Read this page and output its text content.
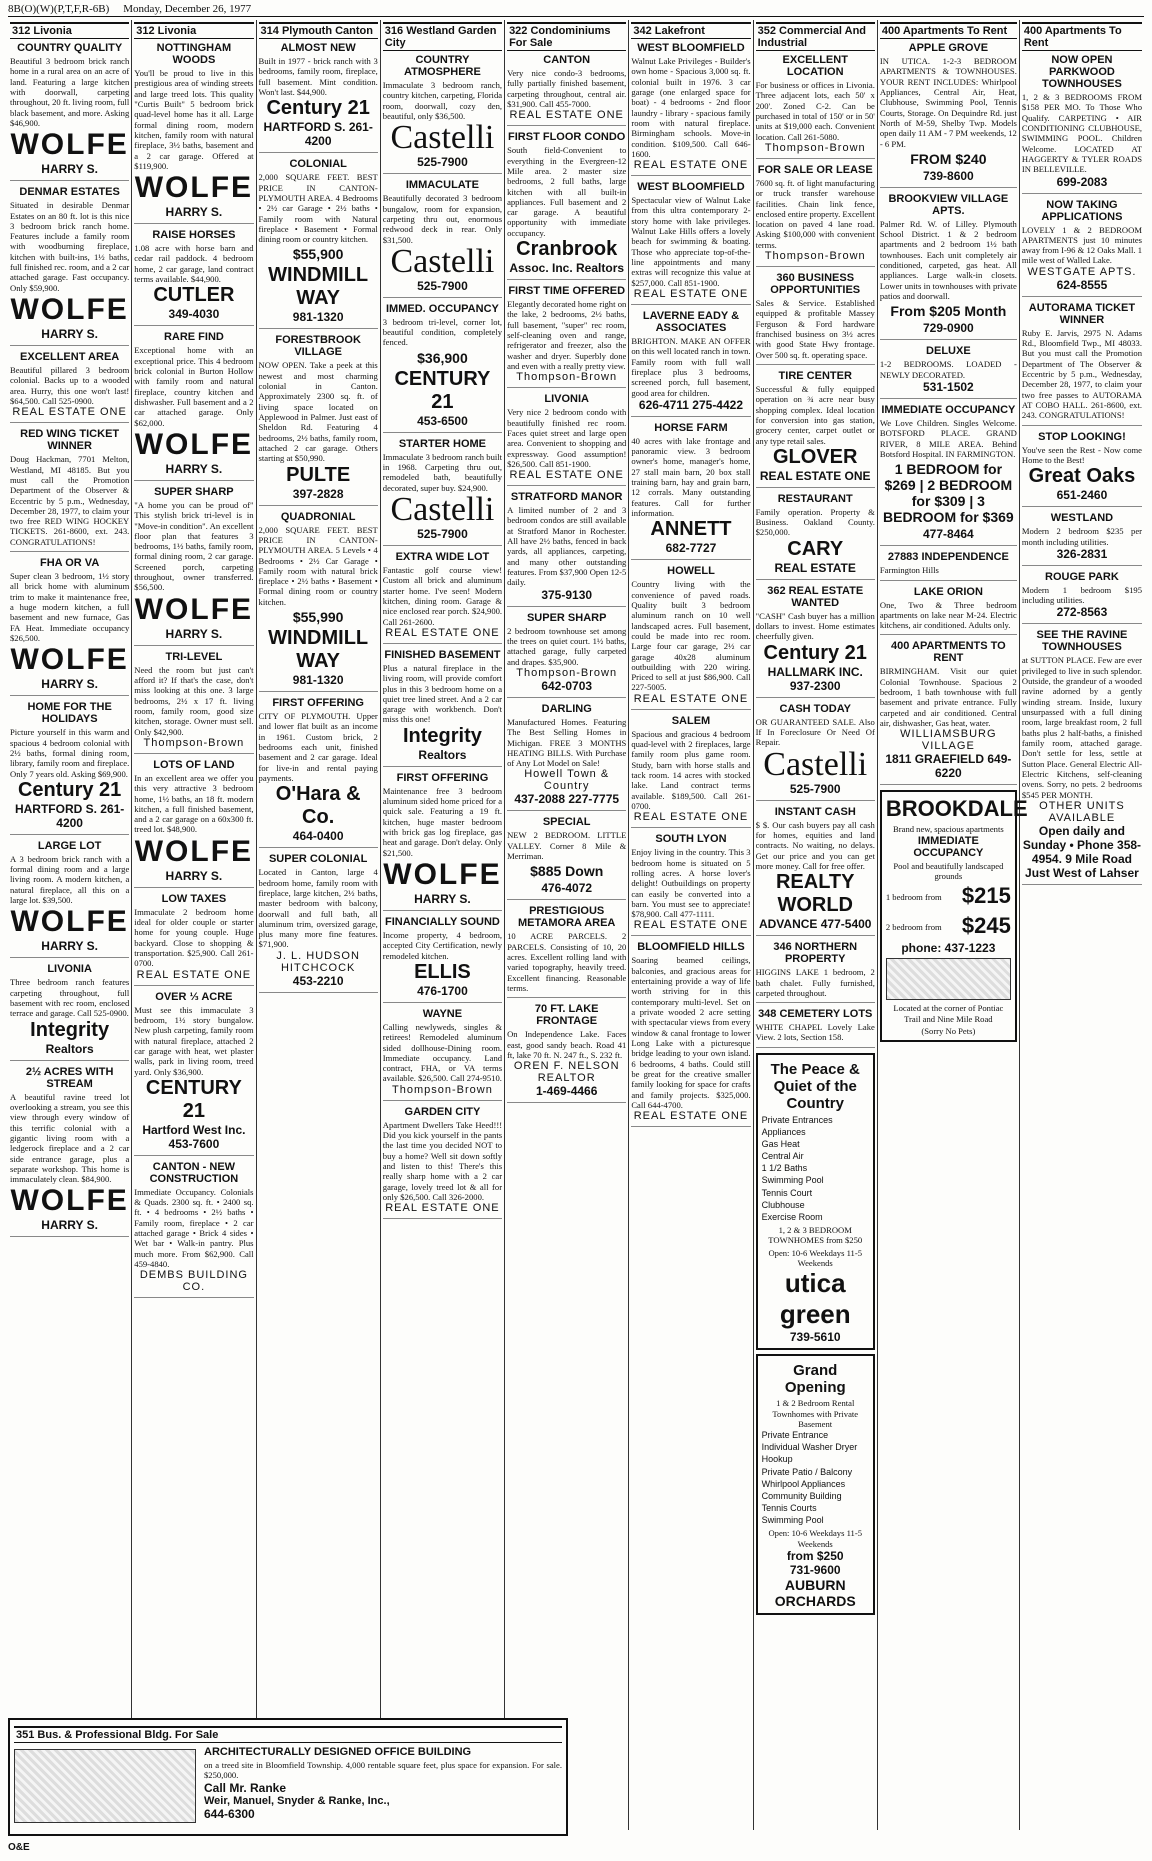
8B(O)(W)(P,T,F,R-6B) Monday, December 26, 1977
312 Livonia
COUNTRY QUALITY
Beautiful 3 bedroom brick ranch home in a rural area on an acre of land. Featuring a large kitchen with doorwall, carpeting throughout, 20 ft. living room, full black basement, and more. Asking $46,900.
WOLFE
HARRY S.
DENMAR ESTATES
Situated in desirable Denmar Estates on an 80 ft. lot is this nice 3 bedroom brick ranch home. Features include a family room with woodburning fireplace, kitchen with built-ins, 1½ baths, full finished rec. room, and a 2 car attached garage. Fast occupancy. Only $59,900.
WOLFE
HARRY S.
EXCELLENT AREA
Beautiful pillared 3 bedroom colonial. Backs up to a wooded area. Hurry, this one won't last! $64,500. Call 525-0900.
REAL ESTATE ONE
RED WING TICKET WINNER
Doug Hackman, 7701 Melton, Westland, MI 48185. But you must call the Promotion Department of the Observer & Eccentric by 5 p.m., Wednesday, December 28, 1977, to claim your two free RED WING HOCKEY TICKETS. 261-8600, ext. 243. CONGRATULATIONS!
FHA OR VA
Super clean 3 bedroom, 1½ story all brick home with aluminum trim to make it maintenance free, a huge modern kitchen, a full basement and new furnace, Gas FA Heat. Immediate occupancy $26,500.
WOLFE
HARRY S.
HOME FOR THE HOLIDAYS
Picture yourself in this warm and spacious 4 bedroom colonial with 2½ baths, formal dining room, library, family room and fireplace. Only 7 years old. Asking $69,900.
Century 21
HARTFORD S. 261-4200
LARGE LOT
A 3 bedroom brick ranch with a formal dining room and a large living room. A modern kitchen, a natural fireplace, all this on a large lot. $39,500.
WOLFE
HARRY S.
LIVONIA
Three bedroom ranch features carpeting throughout, full basement with rec room, enclosed terrace and garage. Call 525-0900.
Integrity
Realtors
2½ ACRES WITH STREAM
A beautiful ravine treed lot overlooking a stream, you see this view through every window of this terrific colonial with a gigantic living room with a ledgerock fireplace and a 2 car side entrance garage, plus a separate workshop. This home is immaculately clean. $84,900.
WOLFE
HARRY S.
312 Livonia
NOTTINGHAM WOODS
You'll be proud to live in this prestigious area of winding streets and large treed lots. This quality "Curtis Built" 5 bedroom brick quad-level home has it all. Large formal dining room, modern kitchen, family room with natural fireplace, 3½ baths, basement and a 2 car garage. Offered at $119,900.
WOLFE
HARRY S.
RAISE HORSES
1.08 acre with horse barn and cedar rail paddock. 4 bedroom home, 2 car garage, land contract terms available. $44,900.
CUTLER
349-4030
RARE FIND
Exceptional home with an exceptional price. This 4 bedroom brick colonial in Burton Hollow with family room and natural fireplace, country kitchen and dishwasher. Full basement and a 2 car attached garage. Only $62,000.
WOLFE
HARRY S.
SUPER SHARP
"A home you can be proud of" This stylish brick tri-level is in "Move-in condition". An excellent floor plan that features 3 bedrooms, 1½ baths, family room, formal dining room, 2 car garage. Screened porch, carpeting throughout, owner transferred. $56,500.
WOLFE
HARRY S.
TRI-LEVEL
Need the room but just can't afford it? If that's the case, don't miss looking at this one. 3 large bedrooms, 2½ x 17 ft. living room, family room, good size kitchen, storage. Owner must sell. Only $42,900.
Thompson-Brown
LOTS OF LAND
In an excellent area we offer you this very attractive 3 bedroom home, 1½ baths, an 18 ft. modern kitchen, a full finished basement, and a 2 car garage on a 60x300 ft. treed lot. $48,900.
WOLFE
HARRY S.
LOW TAXES
Immaculate 2 bedroom home ideal for older couple or starter home for young couple. Huge backyard. Close to shopping & transportation. $25,900. Call 261-0700.
REAL ESTATE ONE
OVER ⅓ ACRE
Must see this immaculate 3 bedroom, 1½ story bungalow. New plush carpeting, family room with natural fireplace, attached 2 car garage with heat, wet plaster walls, park in living room, treed yard. Only $36,900.
CENTURY 21
Hartford West Inc. 453-7600
CANTON - NEW CONSTRUCTION
Immediate Occupancy. Colonials & Quads. 2300 sq. ft. • 2400 sq. ft. • 4 bedrooms • 2½ baths • Family room, fireplace • 2 car attached garage • Brick 4 sides • Wet bar • Walk-in pantry. Plus much more. From $62,900. Call 459-4840.
DEMBS BUILDING CO.
314 Plymouth Canton
ALMOST NEW
Built in 1977 - brick ranch with 3 bedrooms, family room, fireplace, full basement. Mint condition. Won't last. $44,900.
Century 21
HARTFORD S. 261-4200
COLONIAL
2,000 SQUARE FEET. BEST PRICE IN CANTON-PLYMOUTH AREA. 4 Bedrooms • 2½ car Garage • 2½ baths • Family room with Natural fireplace • Basement • Formal dining room or country kitchen.
$55,900
WINDMILL WAY
981-1320
FORESTBROOK VILLAGE
NOW OPEN. Take a peek at this newest and most charming colonial in Canton. Approximately 2300 sq. ft. of living space located on Applewood in Palmer. Just east of Sheldon Rd. Featuring 4 bedrooms, 2½ baths, family room, attached 2 car garage. Others starting at $50,990.
PULTE
397-2828
QUADRONIAL
2,000 SQUARE FEET. BEST PRICE IN CANTON-PLYMOUTH AREA. 5 Levels • 4 Bedrooms • 2½ Car Garage • Family room with natural brick fireplace • 2½ baths • Basement • Formal dining room or country kitchen.
$55,990
WINDMILL WAY
981-1320
FIRST OFFERING
CITY OF PLYMOUTH. Upper and lower flat built as an income in 1961. Custom brick, 2 bedrooms each unit, finished basement and 2 car garage. Ideal for live-in and rental paying payments.
O'Hara & Co.
464-0400
SUPER COLONIAL
Located in Canton, large 4 bedroom home, family room with fireplace, large kitchen, 2½ baths, master bedroom with balcony, doorwall and full bath, all aluminum trim, oversized garage, plus many more fine features. $71,900.
J. L. HUDSON HITCHCOCK
453-2210
316 Westland Garden City
COUNTRY ATMOSPHERE
Immaculate 3 bedroom ranch, country kitchen, carpeting, Florida room, doorwall, cozy den, beautiful, only $36,500.
Castelli
525-7900
IMMACULATE
Beautifully decorated 3 bedroom bungalow, room for expansion, carpeting thru out, enormous redwood deck in rear. Only $31,500.
Castelli
525-7900
IMMED. OCCUPANCY
3 bedroom tri-level, corner lot, beautiful condition, completely fenced.
$36,900
CENTURY 21
453-6500
STARTER HOME
Immaculate 3 bedroom ranch built in 1968. Carpeting thru out, remodeled bath, beautifully decorated, super buy. $24,900.
Castelli
525-7900
EXTRA WIDE LOT
Fantastic golf course view! Custom all brick and aluminum starter home. I've seen! Modern kitchen, dining room. Garage & nice enclosed rear porch. $24,900. Call 261-2600.
REAL ESTATE ONE
FINISHED BASEMENT
Plus a natural fireplace in the living room, will provide comfort plus in this 3 bedroom home on a quiet tree lined street. And a 2 car garage with workbench. Don't miss this one!
Integrity
Realtors
FIRST OFFERING
Maintenance free 3 bedroom aluminum sided home priced for a quick sale. Featuring a 19 ft. kitchen, huge master bedroom with brick gas log fireplace, gas heat and garage. Don't delay. Only $21,500.
WOLFE
HARRY S.
FINANCIALLY SOUND
Income property, 4 bedroom, accepted City Certification, newly remodeled kitchen.
ELLIS
476-1700
WAYNE
Calling newlyweds, singles & retirees! Remodeled aluminum sided dollhouse-Dining room. Immediate occupancy. Land contract, FHA, or VA terms available. $26,500. Call 274-9510.
Thompson-Brown
GARDEN CITY
Apartment Dwellers Take Heed!!! Did you kick yourself in the pants the last time you decided NOT to buy a home? Well sit down softly and listen to this! There's this really sharp home with a 2 car garage, lovely treed lot & all for only $26,500. Call 326-2000.
REAL ESTATE ONE
322 Condominiums For Sale
CANTON
Very nice condo-3 bedrooms, fully partially finished basement, carpeting throughout, central air. $31,900. Call 455-7000.
REAL ESTATE ONE
FIRST FLOOR CONDO
South field-Convenient to everything in the Evergreen-12 Mile area. 2 master size bedrooms, 2 full baths, large kitchen with all built-in appliances. Full basement and 2 car garage. A beautiful opportunity with immediate occupancy.
Cranbrook
Assoc. Inc. Realtors
FIRST TIME OFFERED
Elegantly decorated home right on the lake, 2 bedrooms, 2½ baths, full basement, "super" rec room, self-cleaning oven and range, refrigerator and freezer, also the washer and dryer. Superbly done and even with a really pretty view.
Thompson-Brown
LIVONIA
Very nice 2 bedroom condo with beautifully finished rec room. Faces quiet street and large open area. Convenient to shopping and expressway. Good assumption! $26,500. Call 851-1900.
REAL ESTATE ONE
STRATFORD MANOR
A limited number of 2 and 3 bedroom condos are still available at Stratford Manor in Rochester. All have 2½ baths, fenced in back yards, all appliances, carpeting, and many other outstanding features. From $37,900 Open 12-5 daily.
375-9130
SUPER SHARP
2 bedroom townhouse set among the trees on quiet court. 1½ baths, attached garage, fully carpeted and drapes. $35,900.
Thompson-Brown
642-0703
DARLING
Manufactured Homes. Featuring The Best Selling Homes in Michigan. FREE 3 MONTHS HEATING BILLS. With Purchase of Any Lot Model on Sale!
Howell Town & Country
437-2088 227-7775
SPECIAL
NEW 2 BEDROOM. LITTLE VALLEY. Corner 8 Mile & Merriman.
$885 Down
476-4072
PRESTIGIOUS METAMORA AREA
10 ACRE PARCELS. 2 PARCELS. Consisting of 10, 20 acres. Excellent rolling land with varied topography, heavily treed. Excellent financing. Reasonable terms.
70 FT. LAKE FRONTAGE
On Independence Lake. Faces east, good sandy beach. Road 41 ft, lake 70 ft. N. 247 ft., S. 232 ft.
OREN F. NELSON REALTOR
1-469-4466
342 Lakefront
WEST BLOOMFIELD
Walnut Lake Privileges - Builder's own home - Spacious 3,000 sq. ft. colonial built in 1976. 3 car garage (one enlarged space for boat) - 4 bedrooms - 2nd floor laundry - library - spacious family room with natural fireplace. Birmingham schools. Move-in condition. $109,500. Call 646-1600.
REAL ESTATE ONE
WEST BLOOMFIELD
Spectacular view of Walnut Lake from this ultra contemporary 2-story home with lake privileges. Walnut Lake Hills offers a lovely beach for swimming & boating. Those who appreciate top-of-the-line appointments and many extras will recognize this value at $257,000. Call 851-1900.
REAL ESTATE ONE
LAVERNE EADY & ASSOCIATES
BRIGHTON. MAKE AN OFFER on this well located ranch in town. Family room with full wall fireplace plus 3 bedrooms, screened porch, full basement, good area for children.
626-4711 275-4422
HORSE FARM
40 acres with lake frontage and panoramic view. 3 bedroom owner's home, manager's home, 27 stall main barn, 20 box stall training barn, hay and grain barn, 12 corrals. Many outstanding features. Call for further information.
ANNETT
682-7727
HOWELL
Country living with the convenience of paved roads. Quality built 3 bedroom aluminum ranch on 10 well landscaped acres. Full basement, could be made into rec room. Large four car garage, 2½ car garage 40x28 aluminum outbuilding with 220 wiring. Priced to sell at just $86,900. Call 227-5005.
REAL ESTATE ONE
SALEM
Spacious and gracious 4 bedroom quad-level with 2 fireplaces, large family room plus game room. Study, barn with horse stalls and tack room. 14 acres with stocked lake. Land contract terms available. $189,500. Call 261-0700.
REAL ESTATE ONE
SOUTH LYON
Enjoy living in the country. This 3 bedroom home is situated on 5 rolling acres. A horse lover's delight! Outbuildings on property can easily be converted into a barn. You must see to appreciate! $78,900. Call 477-1111.
REAL ESTATE ONE
BLOOMFIELD HILLS
Soaring beamed ceilings, balconies, and gracious areas for entertaining provide a way of life worth striving for in this contemporary multi-level. Set on a private wooded 2 acre setting with spectacular views from every window & canal frontage to lower Long Lake with a picturesque bridge leading to your own island. 6 bedrooms, 4 baths. Could still be great for the creative smaller family looking for space for crafts and family projects. $325,000. Call 644-4700.
REAL ESTATE ONE
352 Commercial And Industrial
EXCELLENT LOCATION
For business or offices in Livonia. Three adjacent lots, each 50' x 200'. Zoned C-2. Can be purchased in total of 150' or in 50' units at $19,000 each. Convenient location. Call 261-5080.
Thompson-Brown
FOR SALE OR LEASE
7600 sq. ft. of light manufacturing or truck transfer warehouse facilities. Chain link fence, enclosed entire property. Excellent location on paved 4 lane road. Asking $100,000 with convenient terms.
Thompson-Brown
360 BUSINESS OPPORTUNITIES
Sales & Service. Established equipped & profitable Massey Ferguson & Ford hardware franchised business on 3½ acres with good State Hwy frontage. Over 500 sq. ft. operating space.
TIRE CENTER
Successful & fully equipped operation on ¾ acre near busy shopping complex. Ideal location for conversion into gas station, grocery center, carpet outlet or any type retail sales.
GLOVER
REAL ESTATE ONE
RESTAURANT
Family operation. Property & Business. Oakland County. $250,000.
CARY
REAL ESTATE
362 REAL ESTATE WANTED
"CASH" Cash buyer has a million dollars to invest. Home estimates cheerfully given.
Century 21
HALLMARK INC. 937-2300
CASH TODAY
OR GUARANTEED SALE. Also If In Foreclosure Or Need Of Repair.
Castelli
525-7900
INSTANT CASH
$ $. Our cash buyers pay all cash for homes, equities and land contracts. No waiting, no delays. Get our price and you can get more money. Call for free offer.
REALTY WORLD
ADVANCE 477-5400
346 NORTHERN PROPERTY
HIGGINS LAKE 1 bedroom, 2 bath chalet. Fully furnished, carpeted throughout.
348 CEMETERY LOTS
WHITE CHAPEL Lovely Lake View. 2 lots, Section 158.
The Peace & Quiet of the Country
Private Entrances
Appliances
Gas Heat
Central Air
1 1/2 Baths
Swimming Pool
Tennis Court
Clubhouse
Exercise Room
1, 2 & 3 BEDROOM TOWNHOMES from $250
Open: 10-6 Weekdays 11-5 Weekends
utica green
739-5610
Grand Opening
1 & 2 Bedroom Rental Townhomes with Private Basement
Private Entrance
Individual Washer Dryer Hookup
Private Patio / Balcony
Whirlpool Appliances
Community Building
Tennis Courts
Swimming Pool
Open: 10-6 Weekdays 11-5 Weekends
from $250
731-9600
AUBURN ORCHARDS
400 Apartments To Rent
APPLE GROVE
IN UTICA. 1-2-3 BEDROOM APARTMENTS & TOWNHOUSES. YOUR RENT INCLUDES: Whirlpool Appliances, Central Air, Heat, Clubhouse, Swimming Pool, Tennis Courts, Storage. On Dequindre Rd. just North of M-59, Shelby Twp. Models open daily 11 AM - 7 PM weekends, 12 - 6 PM.
FROM $240
739-8600
BROOKVIEW VILLAGE APTS.
Palmer Rd. W. of Lilley. Plymouth School District. 1 & 2 bedroom apartments and 2 bedroom 1½ bath townhouses. Each unit completely air conditioned, carpeted, gas heat. All appliances. Large walk-in closets. Lower units in townhouses with private patios and doorwall.
From $205 Month
729-0900
DELUXE
1-2 BEDROOMS. LOADED - NEWLY DECORATED.
531-1502
IMMEDIATE OCCUPANCY
We Love Children. Singles Welcome. BOTSFORD PLACE. GRAND RIVER, 8 MILE AREA. Behind Botsford Hospital. IN FARMINGTON.
1 BEDROOM for $269 | 2 BEDROOM for $309 | 3 BEDROOM for $369
477-8464
27883 INDEPENDENCE
Farmington Hills
LAKE ORION
One, Two & Three bedroom apartments on lake near M-24. Electric kitchens, air conditioned. Adults only.
400 APARTMENTS TO RENT
BIRMINGHAM. Visit our quiet Colonial Townhouse. Spacious 2 bedroom, 1 bath townhouse with full basement and private entrance. Fully carpeted and air conditioned. Central air, dishwasher, Gas heat, water.
WILLIAMSBURG VILLAGE
1811 GRAEFIELD 649-6220
BROOKDALE
Brand new, spacious apartments
IMMEDIATE OCCUPANCY
Pool and beautifully landscaped grounds
1 bedroom from $215
2 bedroom from $245
phone: 437-1223
Located at the corner of Pontiac Trail and Nine Mile Road
(Sorry No Pets)
400 Apartments To Rent
NOW OPEN PARKWOOD TOWNHOUSES
1, 2 & 3 BEDROOMS FROM $158 PER MO. To Those Who Qualify. CARPETING • AIR CONDITIONING CLUBHOUSE, SWIMMING POOL. Children Welcome. LOCATED AT HAGGERTY & TYLER ROADS IN BELLEVILLE.
699-2083
NOW TAKING APPLICATIONS
LOVELY 1 & 2 BEDROOM APARTMENTS just 10 minutes away from I-96 & 12 Oaks Mall. 1 mile west of Walled Lake.
WESTGATE APTS.
624-8555
AUTORAMA TICKET WINNER
Ruby E. Jarvis, 2975 N. Adams Rd., Bloomfield Twp., MI 48033. But you must call the Promotion Department of The Observer & Eccentric by 5 p.m., Wednesday, December 28, 1977, to claim your two free passes to AUTORAMA AT COBO HALL. 261-8600, ext. 243. CONGRATULATIONS!
STOP LOOKING!
You've seen the Rest - Now come Home to the Best!
Great Oaks
651-2460
WESTLAND
Modern 2 bedroom $235 per month including utilities.
326-2831
ROUGE PARK
Modern 1 bedroom $195 including utilities.
272-8563
SEE THE RAVINE TOWNHOUSES
at SUTTON PLACE. Few are ever privileged to live in such splendor. Outside, the grandeur of a wooded ravine adorned by a gently winding stream. Inside, luxury unsurpassed with a full dining room, large breakfast room, 2 full baths plus 2 half-baths, a finished family room, attached garage. Don't settle for less, settle at Sutton Place. General Electric All-Electric Kitchens, self-cleaning ovens. Sorry, no pets. 2 bedrooms $545 PER MONTH.
OTHER UNITS AVAILABLE
Open daily and Sunday • Phone 358-4954. 9 Mile Road Just West of Lahser
351 Bus. & Professional Bldg. For Sale
ARCHITECTURALLY DESIGNED OFFICE BUILDING
on a treed site in Bloomfield Township. 4,000 rentable square feet, plus space for expansion. For sale. $250,000.
Call Mr. Ranke
Weir, Manuel, Snyder & Ranke, Inc.,
644-6300
O&E
